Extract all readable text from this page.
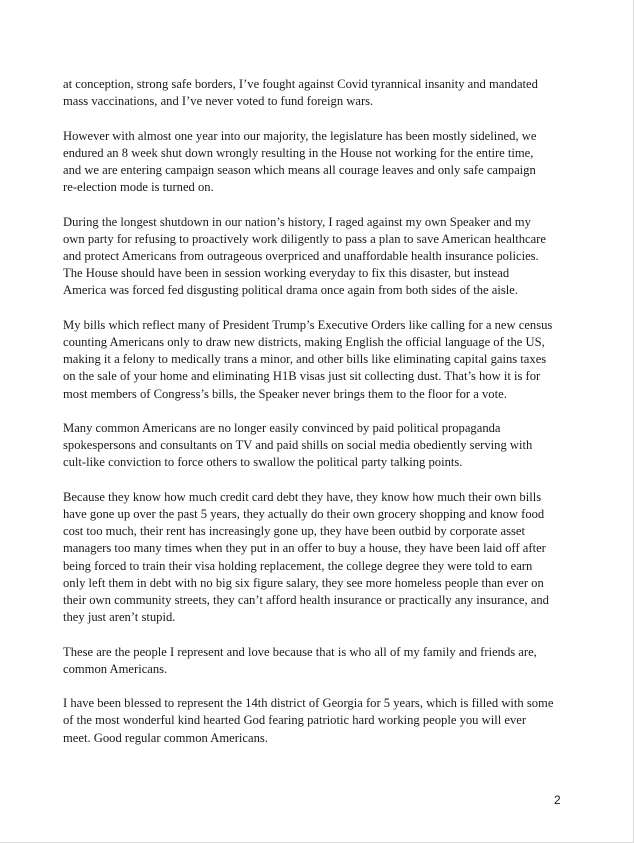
at conception, strong safe borders, I’ve fought against Covid tyrannical insanity and mandated
mass vaccinations, and I’ve never voted to fund foreign wars.

However with almost one year into our majority, the legislature has been mostly sidelined, we
endured an 8 week shut down wrongly resulting in the House not working for the entire time,
and we are entering campaign season which means all courage leaves and only safe campaign
re-election mode is turned on.

During the longest shutdown in our nation’s history, I raged against my own Speaker and my
own party for refusing to proactively work diligently to pass a plan to save American healthcare
and protect Americans from outrageous overpriced and unaffordable health insurance policies.
The House should have been in session working everyday to fix this disaster, but instead
America was forced fed disgusting political drama once again from both sides of the aisle.

My bills which reflect many of President Trump’s Executive Orders like calling for a new census
counting Americans only to draw new districts, making English the official language of the US,
making it a felony to medically trans a minor, and other bills like eliminating capital gains taxes
on the sale of your home and eliminating H1B visas just sit collecting dust. That’s how it is for
most members of Congress’s bills, the Speaker never brings them to the floor for a vote.

Many common Americans are no longer easily convinced by paid political propaganda
spokespersons and consultants on TV and paid shills on social media obediently serving with
cult-like conviction to force others to swallow the political party talking points.

Because they know how much credit card debt they have, they know how much their own bills
have gone up over the past 5 years, they actually do their own grocery shopping and know food
cost too much, their rent has increasingly gone up, they have been outbid by corporate asset
managers too many times when they put in an offer to buy a house, they have been laid off after
being forced to train their visa holding replacement, the college degree they were told to earn
only left them in debt with no big six figure salary, they see more homeless people than ever on
their own community streets, they can’t afford health insurance or practically any insurance, and
they just aren’t stupid.

These are the people I represent and love because that is who all of my family and friends are,
common Americans.

I have been blessed to represent the 14th district of Georgia for 5 years, which is filled with some
of the most wonderful kind hearted God fearing patriotic hard working people you will ever
meet. Good regular common Americans.

2
